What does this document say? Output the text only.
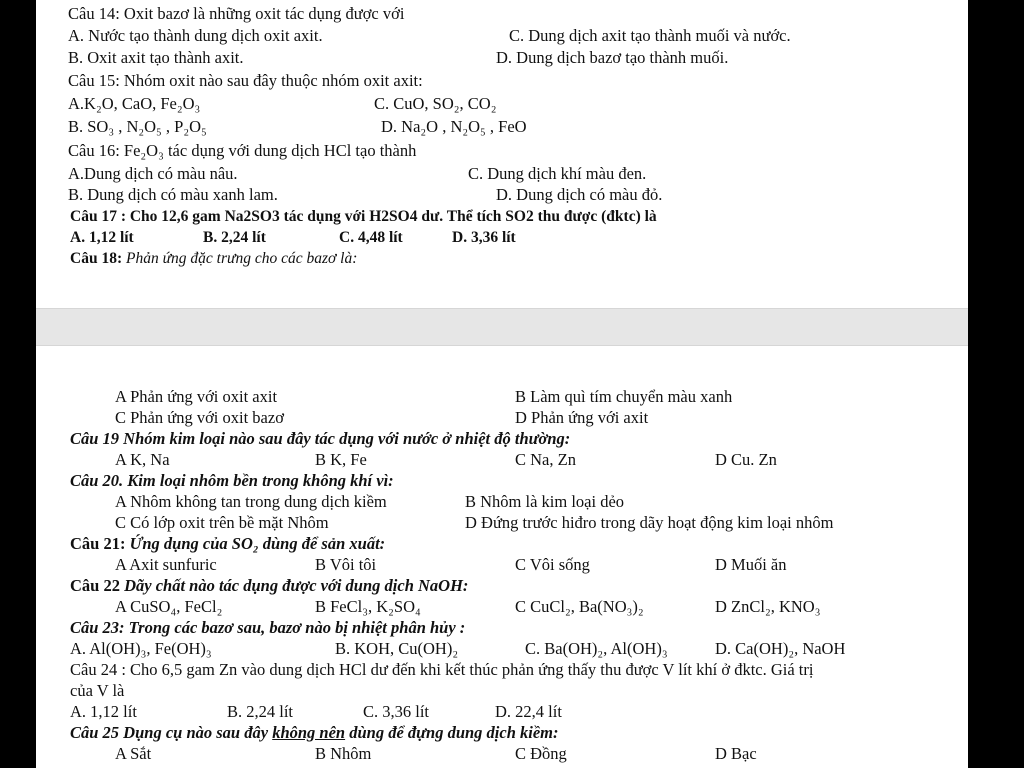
Câu 14: Oxit bazơ là những oxit tác dụng được với
A. Nước tạo thành dung dịch oxit axit.	C. Dung dịch axit tạo thành muối và nước.
B. Oxit axit tạo thành axit.	D. Dung dịch bazơ tạo thành muối.
Câu 15: Nhóm oxit nào sau đây thuộc nhóm oxit axit:
A.K₂O, CaO, Fe₂O₃	C. CuO, SO₂, CO₂
B. SO₃ , N₂O₅ , P₂O₅	D. Na₂O , N₂O₅ , FeO
Câu 16: Fe₂O₃ tác dụng với dung dịch HCl tạo thành
A.Dung dịch có màu nâu.	C. Dung dịch khí màu đen.
B. Dung dịch có màu xanh lam.	D. Dung dịch có màu đỏ.
Câu 17 : Cho 12,6 gam Na2SO3 tác dụng với H2SO4 dư. Thể tích SO2 thu được (đktc) là
A. 1,12 lít	B. 2,24 lít	C. 4,48 lít	D. 3,36 lít
Câu 18: Phản ứng đặc trưng cho các bazơ là:
A Phản ứng với oxit axit	B Làm quì tím chuyển màu xanh
C Phản ứng với oxit bazơ	D Phản ứng với axit
Câu 19 Nhóm kim loại nào sau đây tác dụng với nước ở nhiệt độ thường:
A K, Na	B K, Fe	C Na, Zn	D Cu. Zn
Câu 20. Kim loại nhôm bền trong không khí vì:
A Nhôm không tan trong dung dịch kiềm	B Nhôm là kim loại dẻo
C Có lớp oxit trên bề mặt Nhôm	D Đứng trước hiđro trong dãy hoạt động kim loại nhôm
Câu 21: Ứng dụng của SO₂ dùng để sản xuất:
A Axit sunfuric	B Vôi tôi	C Vôi sống	D Muối ăn
Câu 22 Dãy chất nào tác dụng được với dung dịch NaOH:
A CuSO₄, FeCl₂	B FeCl₃, K₂SO₄	C CuCl₂, Ba(NO₃)₂	D ZnCl₂, KNO₃
Câu 23: Trong các bazơ sau, bazơ nào bị nhiệt phân hủy :
A. Al(OH)₃, Fe(OH)₃	B. KOH, Cu(OH)₂	C. Ba(OH)₂, Al(OH)₃	D. Ca(OH)₂, NaOH
Câu 24 : Cho 6,5 gam Zn vào dung dịch HCl dư đến khi kết thúc phản ứng thấy thu được V lít khí ở đktc. Giá trị
của V là
A. 1,12 lít	B. 2,24 lít	C. 3,36 lít	D. 22,4 lít
Câu 25 Dụng cụ nào sau đây không nên dùng để đựng dung dịch kiềm:
A Sắt	B Nhôm	C Đồng	D Bạc
